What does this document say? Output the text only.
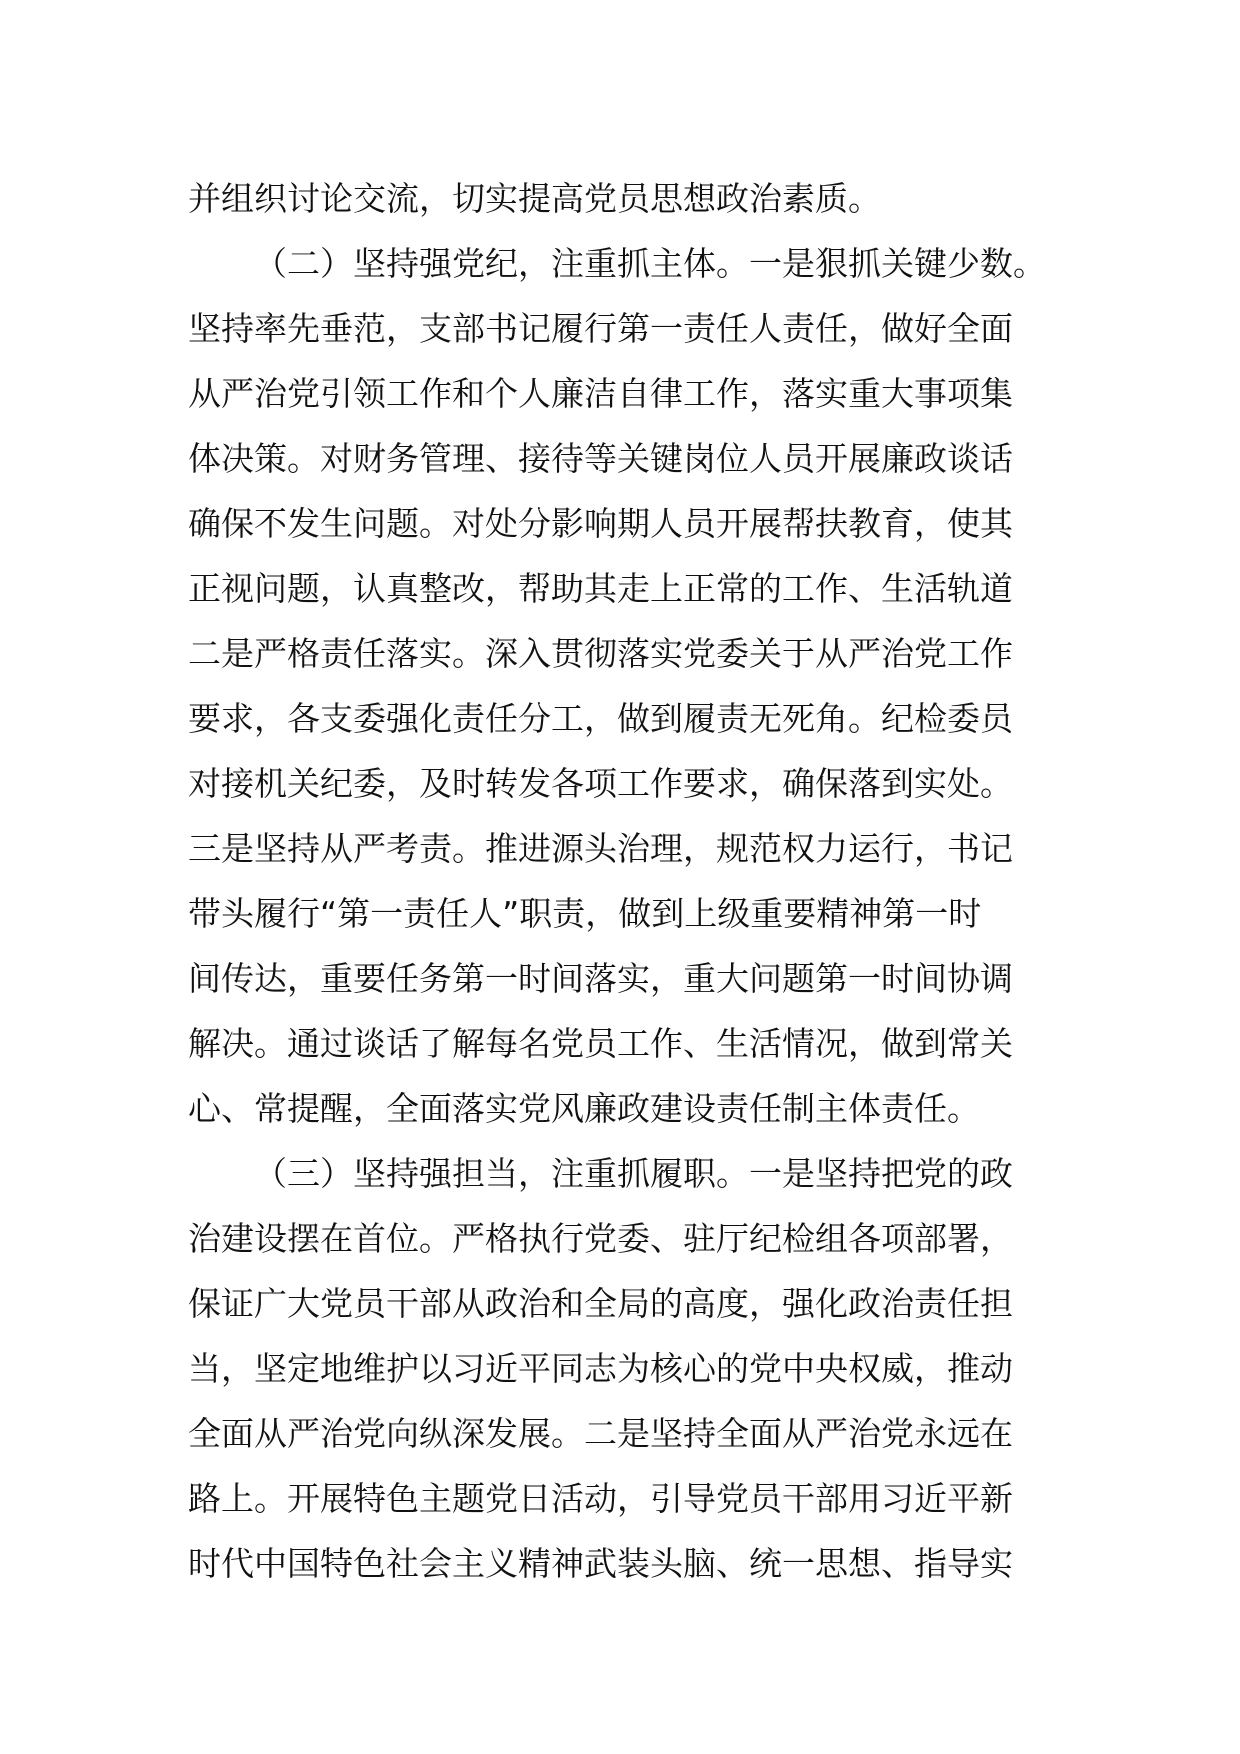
并组织讨论交流，切实提高党员思想政治素质。
（二）坚持强党纪，注重抓主体。一是狠抓关键少数。
坚持率先垂范，支部书记履行第一责任人责任，做好全面
从严治党引领工作和个人廉洁自律工作，落实重大事项集
体决策。对财务管理、接待等关键岗位人员开展廉政谈话
确保不发生问题。对处分影响期人员开展帮扶教育，使其
正视问题，认真整改，帮助其走上正常的工作、生活轨道
二是严格责任落实。深入贯彻落实党委关于从严治党工作
要求，各支委强化责任分工，做到履责无死角。纪检委员
对接机关纪委，及时转发各项工作要求，确保落到实处。
三是坚持从严考责。推进源头治理，规范权力运行，书记
带头履行“第一责任人”职责，做到上级重要精神第一时
间传达，重要任务第一时间落实，重大问题第一时间协调
解决。通过谈话了解每名党员工作、生活情况，做到常关
心、常提醒，全面落实党风廉政建设责任制主体责任。
（三）坚持强担当，注重抓履职。一是坚持把党的政
治建设摆在首位。严格执行党委、驻厅纪检组各项部署，
保证广大党员干部从政治和全局的高度，强化政治责任担
当，坚定地维护以习近平同志为核心的党中央权威，推动
全面从严治党向纵深发展。二是坚持全面从严治党永远在
路上。开展特色主题党日活动，引导党员干部用习近平新
时代中国特色社会主义精神武装头脑、统一思想、指导实
